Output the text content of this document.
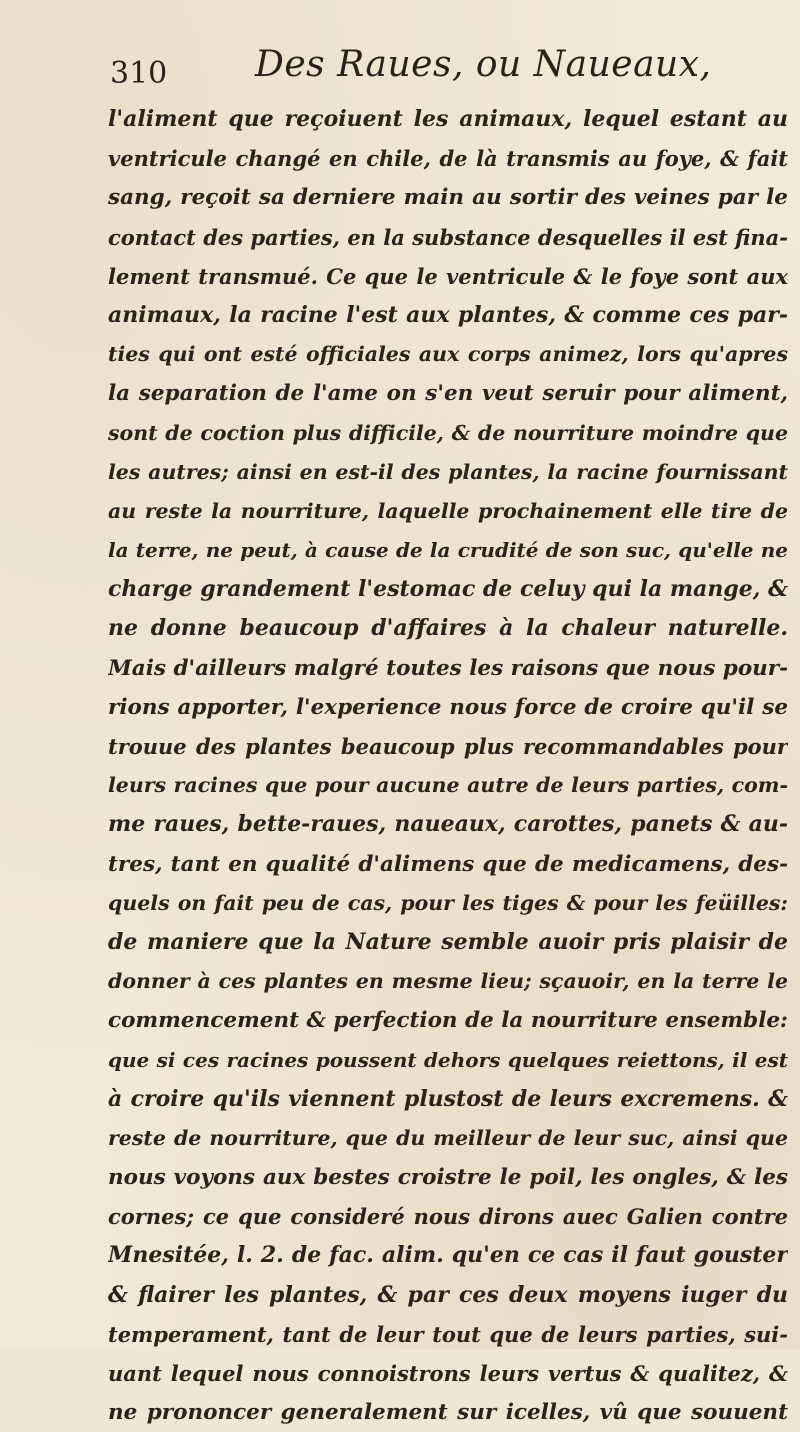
310 Des Raues, ou Naueaux,
l'aliment que reçoiuent les animaux, lequel estant au
ventricule changé en chile, de là transmis au foye, & fait
sang, reçoit sa derniere main au sortir des veines par le
contact des parties, en la substance desquelles il est fina-
lement transmué. Ce que le ventricule & le foye sont aux
animaux, la racine l'est aux plantes, & comme ces par-
ties qui ont esté officiales aux corps animez, lors qu'apres
la separation de l'ame on s'en veut seruir pour aliment,
sont de coction plus difficile, & de nourriture moindre que
les autres; ainsi en est-il des plantes, la racine fournissant
au reste la nourriture, laquelle prochainement elle tire de
la terre, ne peut, à cause de la crudité de son suc, qu'elle ne
charge grandement l'estomac de celuy qui la mange, &
ne donne beaucoup d'affaires à la chaleur naturelle.
Mais d'ailleurs malgré toutes les raisons que nous pour-
rions apporter, l'experience nous force de croire qu'il se
trouue des plantes beaucoup plus recommandables pour
leurs racines que pour aucune autre de leurs parties, com-
me raues, bette-raues, naueaux, carottes, panets & au-
tres, tant en qualité d'alimens que de medicamens, des-
quels on fait peu de cas, pour les tiges & pour les feüilles:
de maniere que la Nature semble auoir pris plaisir de
donner à ces plantes en mesme lieu; sçauoir, en la terre le
commencement & perfection de la nourriture ensemble:
que si ces racines poussent dehors quelques reiettons, il est
à croire qu'ils viennent plustost de leurs excremens. &
reste de nourriture, que du meilleur de leur suc, ainsi que
nous voyons aux bestes croistre le poil, les ongles, & les
cornes; ce que consideré nous dirons auec Galien contre
Mnesitée, l. 2. de fac. alim. qu'en ce cas il faut gouster
& flairer les plantes, & par ces deux moyens iuger du
temperament, tant de leur tout que de leurs parties, sui-
uant lequel nous connoistrons leurs vertus & qualitez, &
ne prononcer generalement sur icelles, vû que souuent
